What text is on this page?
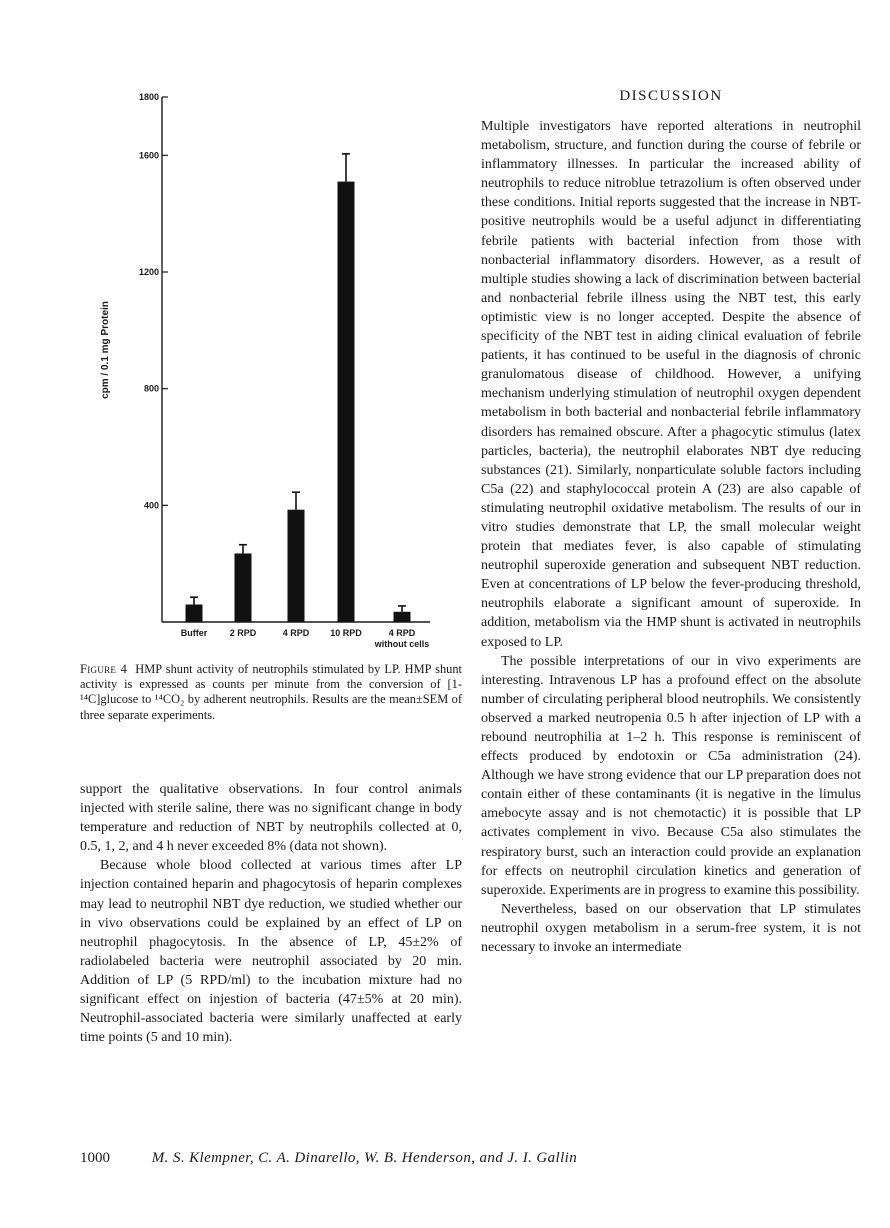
400
800
1200
1600
1800
Buffer 2 RPD	4 RPD 10 RPD	4 RPD
without cells
cpm / 0.1 mg Protein

Figure 4 HMP shunt activity of neutrophils stimulated by LP. HMP shunt activity is expressed as counts per minute from the conversion of [1-¹⁴C]glucose to ¹⁴CO₂ by adherent neutrophils. Results are the mean±SEM of three separate experiments.

support the qualitative observations. In four control animals injected with sterile saline, there was no significant change in body temperature and reduction of NBT by neutrophils collected at 0, 0.5, 1, 2, and 4 h never exceeded 8% (data not shown).

Because whole blood collected at various times after LP injection contained heparin and phagocytosis of heparin complexes may lead to neutrophil NBT dye reduction, we studied whether our in vivo observations could be explained by an effect of LP on neutrophil phagocytosis. In the absence of LP, 45±2% of radiolabeled bacteria were neutrophil associated by 20 min. Addition of LP (5 RPD/ml) to the incubation mixture had no significant effect on injestion of bacteria (47±5% at 20 min). Neutrophil-associated bacteria were similarly unaffected at early time points (5 and 10 min).

DISCUSSION

Multiple investigators have reported alterations in neutrophil metabolism, structure, and function during the course of febrile or inflammatory illnesses. In particular the increased ability of neutrophils to reduce nitroblue tetrazolium is often observed under these conditions. Initial reports suggested that the increase in NBT-positive neutrophils would be a useful adjunct in differentiating febrile patients with bacterial infection from those with nonbacterial inflammatory disorders. However, as a result of multiple studies showing a lack of discrimination between bacterial and nonbacterial febrile illness using the NBT test, this early optimistic view is no longer accepted. Despite the absence of specificity of the NBT test in aiding clinical evaluation of febrile patients, it has continued to be useful in the diagnosis of chronic granulomatous disease of childhood. However, a unifying mechanism underlying stimulation of neutrophil oxygen dependent metabolism in both bacterial and nonbacterial febrile inflammatory disorders has remained obscure. After a phagocytic stimulus (latex particles, bacteria), the neutrophil elaborates NBT dye reducing substances (21). Similarly, nonparticulate soluble factors including C5a (22) and staphylococcal protein A (23) are also capable of stimulating neutrophil oxidative metabolism. The results of our in vitro studies demonstrate that LP, the small molecular weight protein that mediates fever, is also capable of stimulating neutrophil superoxide generation and subsequent NBT reduction. Even at concentrations of LP below the fever-producing threshold, neutrophils elaborate a significant amount of superoxide. In addition, metabolism via the HMP shunt is activated in neutrophils exposed to LP.

The possible interpretations of our in vivo experiments are interesting. Intravenous LP has a profound effect on the absolute number of circulating peripheral blood neutrophils. We consistently observed a marked neutropenia 0.5 h after injection of LP with a rebound neutrophilia at 1–2 h. This response is reminiscent of effects produced by endotoxin or C5a administration (24). Although we have strong evidence that our LP preparation does not contain either of these contaminants (it is negative in the limulus amebocyte assay and is not chemotactic) it is possible that LP activates complement in vivo. Because C5a also stimulates the respiratory burst, such an interaction could provide an explanation for effects on neutrophil circulation kinetics and generation of superoxide. Experiments are in progress to examine this possibility.

Nevertheless, based on our observation that LP stimulates neutrophil oxygen metabolism in a serum-free system, it is not necessary to invoke an intermediate

1000	M. S. Klempner, C. A. Dinarello, W. B. Henderson, and J. I. Gallin
